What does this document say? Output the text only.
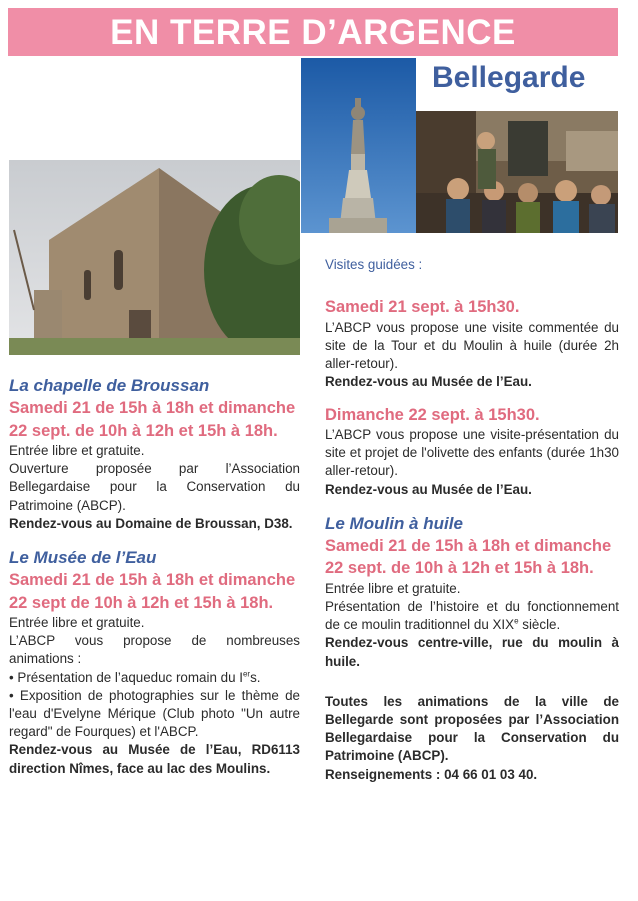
EN TERRE D’ARGENCE
Bellegarde

La chapelle de Broussan

Samedi 21 de 15h à 18h et dimanche 22 sept. de 10h à 12h et 15h à 18h.

Entrée libre et gratuite.

Ouverture proposée par l’Association Bellegardaise pour la Conservation du Patrimoine (ABCP).

Rendez-vous au Domaine de Broussan, D38.

Le Musée de l’Eau

Samedi 21 de 15h à 18h et dimanche 22 sept de 10h à 12h et 15h à 18h.

Entrée libre et gratuite.

L’ABCP vous propose de nombreuses animations :

• Présentation de l’aqueduc romain du Iers.

• Exposition de photographies sur le thème de l'eau d'Evelyne Mérique (Club photo "Un autre regard" de Fourques) et l'ABCP.

Rendez-vous au Musée de l’Eau, RD6113 direction Nîmes, face au lac des Moulins.

Visites guidées :

Samedi 21 sept. à 15h30.

L’ABCP vous propose une visite commentée du site de la Tour et du Moulin à huile (durée 2h aller-retour).

Rendez-vous au Musée de l’Eau.

Dimanche 22 sept. à 15h30.

L’ABCP vous propose une visite-présentation du site et projet de l'olivette des enfants (durée 1h30 aller-retour).

Rendez-vous au Musée de l’Eau.

Le Moulin à huile

Samedi 21 de 15h à 18h et dimanche 22 sept. de 10h à 12h et 15h à 18h.

Entrée libre et gratuite.

Présentation de l’histoire et du fonctionnement de ce moulin traditionnel du XIXe siècle.

Rendez-vous centre-ville, rue du moulin à huile.

Toutes les animations de la ville de Bellegarde sont proposées par l’Association Bellegardaise pour la Conservation du Patrimoine (ABCP).

Renseignements : 04 66 01 03 40.
